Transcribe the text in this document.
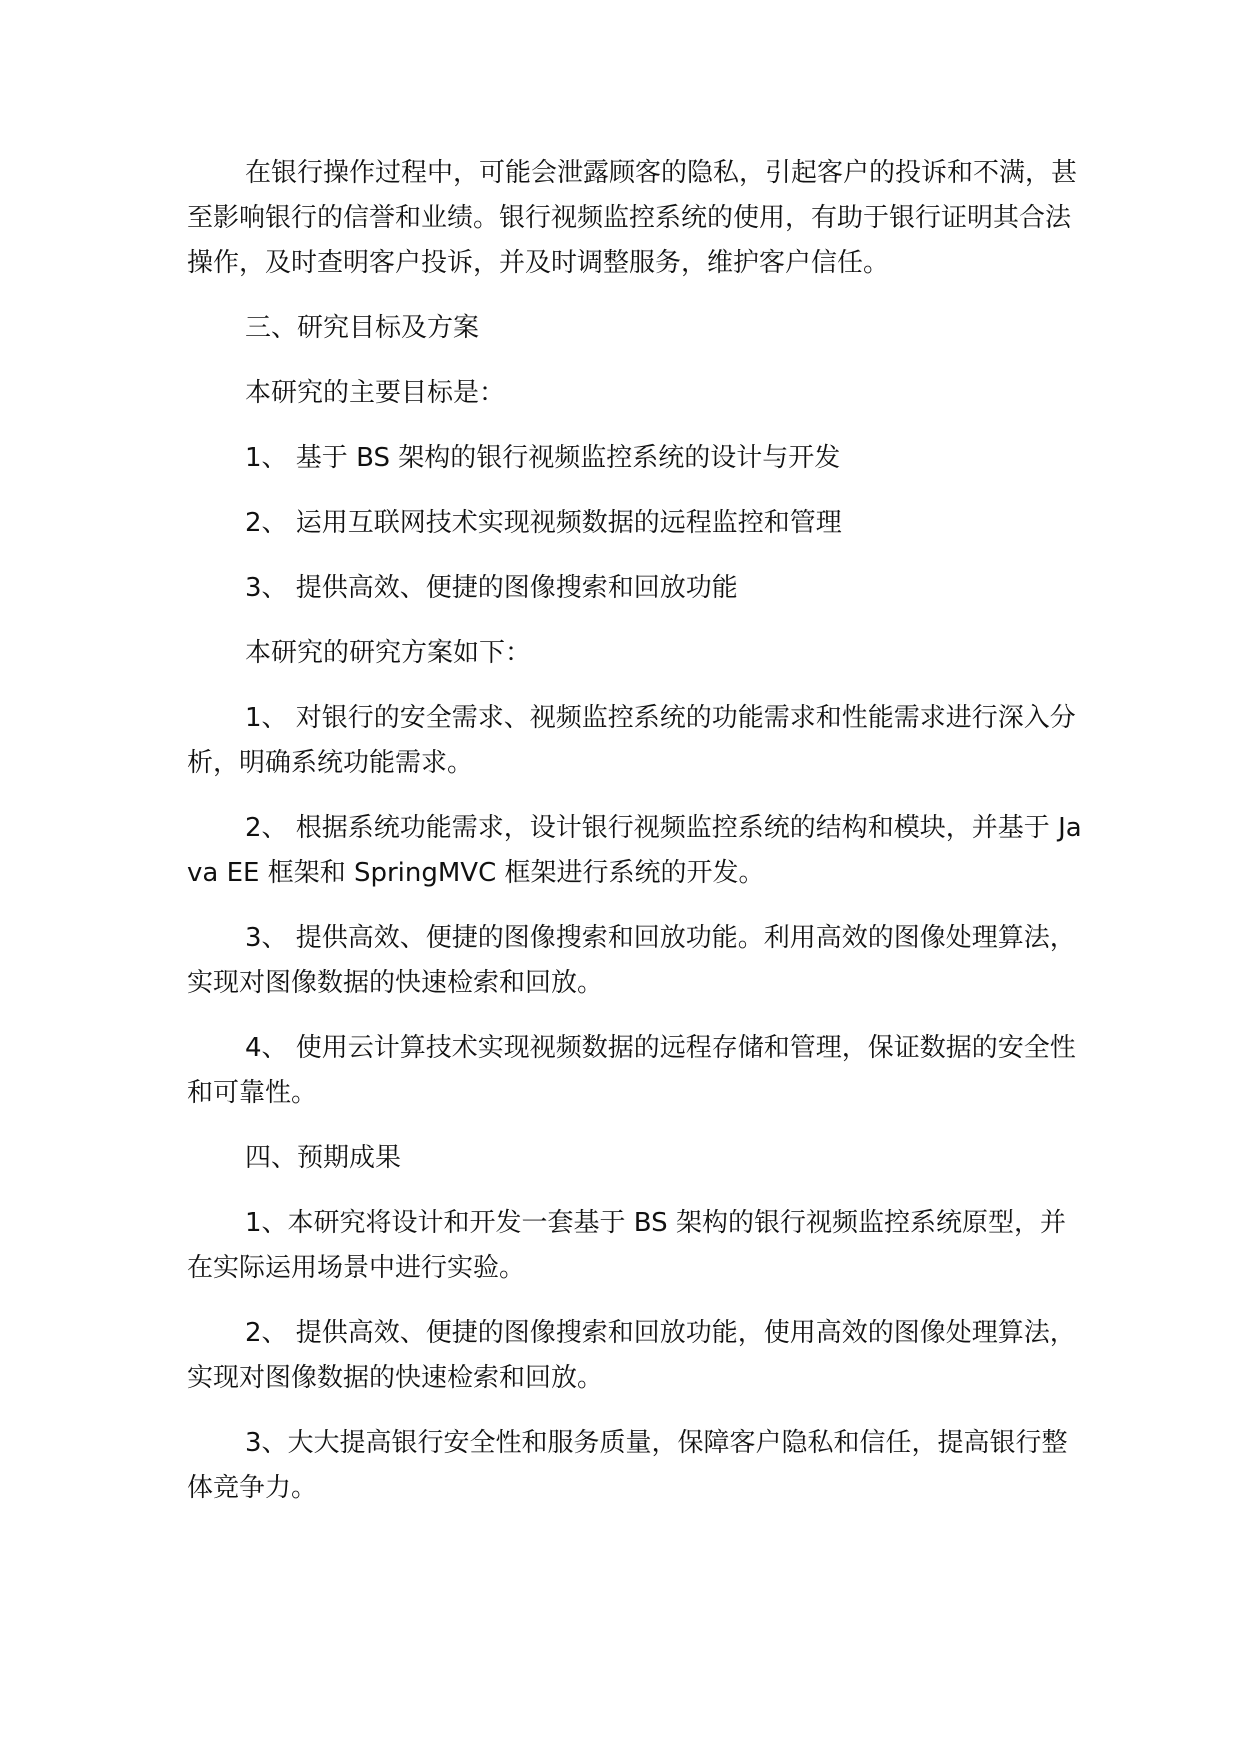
在银行操作过程中，可能会泄露顾客的隐私，引起客户的投诉和不满，甚至影响银行的信誉和业绩。银行视频监控系统的使用，有助于银行证明其合法操作，及时查明客户投诉，并及时调整服务，维护客户信任。

三、研究目标及方案

本研究的主要目标是：

1、 基于 BS 架构的银行视频监控系统的设计与开发

2、 运用互联网技术实现视频数据的远程监控和管理

3、 提供高效、便捷的图像搜索和回放功能

本研究的研究方案如下：

1、 对银行的安全需求、视频监控系统的功能需求和性能需求进行深入分析，明确系统功能需求。

2、 根据系统功能需求，设计银行视频监控系统的结构和模块，并基于 Java EE 框架和 SpringMVC 框架进行系统的开发。

3、 提供高效、便捷的图像搜索和回放功能。利用高效的图像处理算法，实现对图像数据的快速检索和回放。

4、 使用云计算技术实现视频数据的远程存储和管理，保证数据的安全性和可靠性。

四、预期成果

1、本研究将设计和开发一套基于 BS 架构的银行视频监控系统原型，并在实际运用场景中进行实验。

2、 提供高效、便捷的图像搜索和回放功能，使用高效的图像处理算法，实现对图像数据的快速检索和回放。

3、大大提高银行安全性和服务质量，保障客户隐私和信任，提高银行整体竞争力。
